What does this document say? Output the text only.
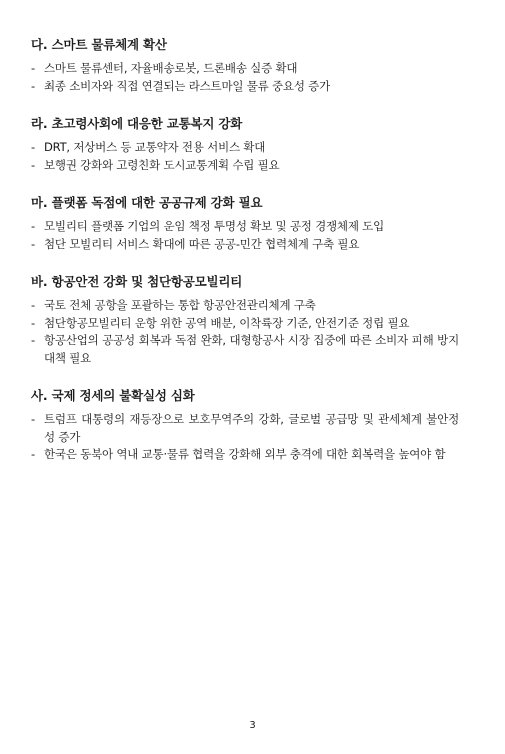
다. 스마트 물류체계 확산
- 스마트 물류센터, 자율배송로봇, 드론배송 실증 확대
- 최종 소비자와 직접 연결되는 라스트마일 물류 중요성 증가
라. 초고령사회에 대응한 교통복지 강화
- DRT, 저상버스 등 교통약자 전용 서비스 확대
- 보행권 강화와 고령친화 도시교통계획 수립 필요
마. 플랫폼 독점에 대한 공공규제 강화 필요
- 모빌리티 플랫폼 기업의 운임 책정 투명성 확보 및 공정 경쟁체제 도입
- 첨단 모빌리티 서비스 확대에 따른 공공-민간 협력체계 구축 필요
바. 항공안전 강화 및 첨단항공모빌리티
- 국토 전체 공항을 포괄하는 통합 항공안전관리체계 구축
- 첨단항공모빌리티 운항 위한 공역 배분, 이착륙장 기준, 안전기준 정립 필요
- 항공산업의 공공성 회복과 독점 완화, 대형항공사 시장 집중에 따른 소비자 피해 방지 대책 필요
사. 국제 정세의 불확실성 심화
- 트럼프 대통령의 재등장으로 보호무역주의 강화, 글로벌 공급망 및 관세체계 불안정성 증가
- 한국은 동북아 역내 교통·물류 협력을 강화해 외부 충격에 대한 회복력을 높여야 함
3
